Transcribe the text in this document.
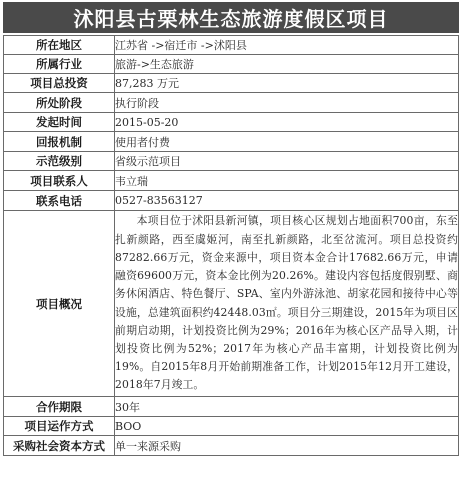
沭阳县古栗林生态旅游度假区项目
所在地区	江苏省 ->宿迁市 ->沭阳县
所属行业	旅游->生态旅游
项目总投资	87,283 万元
所处阶段	执行阶段
发起时间	2015-05-20
回报机制	使用者付费
示范级别	省级示范项目
项目联系人	韦立瑞
联系电话	0527-83563127
项目概况	本项目位于沭阳县新河镇，项目核心区规划占地面积700亩，东至扎新颜路，西至虞姬河，南至扎新颜路，北至岔流河。项目总投资约87282.66万元，资金来源中，项目资本金合计17682.66万元，申请融资69600万元，资本金比例为20.26%。建设内容包括度假别墅、商务休闲酒店、特色餐厅、SPA、室内外游泳池、胡家花园和接待中心等设施，总建筑面积约42448.03㎡。项目分三期建设，2015年为项目区前期启动期，计划投资比例为29%；2016年为核心区产品导入期，计划投资比例为52%；2017年为核心产品丰富期，计划投资比例为19%。自2015年8月开始前期准备工作，计划2015年12月开工建设，2018年7月竣工。
合作期限	30年
项目运作方式	BOO
采购社会资本方式	单一来源采购
